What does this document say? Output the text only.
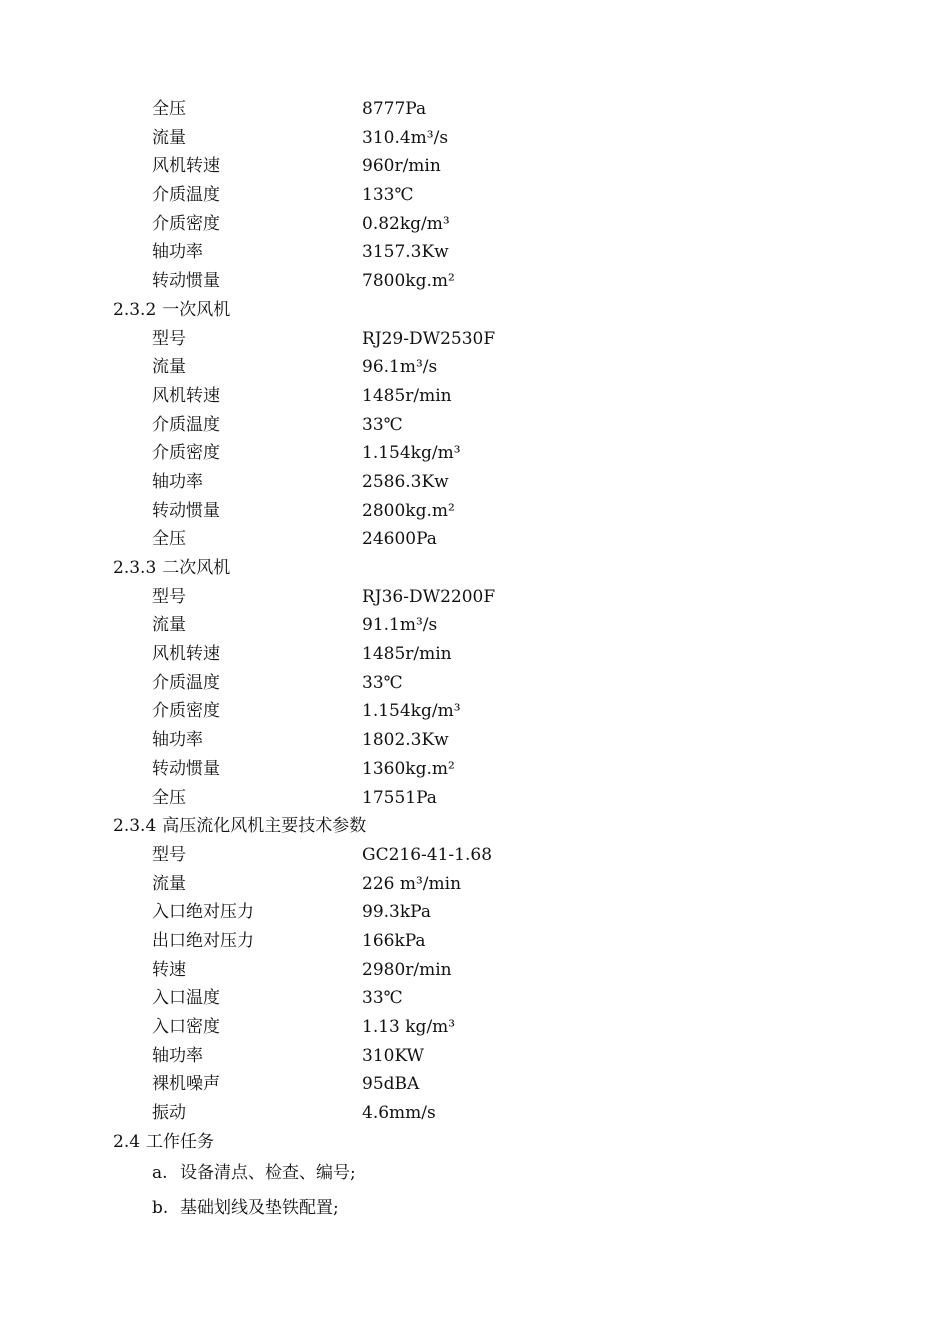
全压	8777Pa
流量	310.4m³/s
风机转速	960r/min
介质温度	133℃
介质密度	0.82kg/m³
轴功率	3157.3Kw
转动惯量	7800kg.m²
2.3.2 一次风机
型号	RJ29-DW2530F
流量	96.1m³/s
风机转速	1485r/min
介质温度	33℃
介质密度	1.154kg/m³
轴功率	2586.3Kw
转动惯量	2800kg.m²
全压	24600Pa
2.3.3 二次风机
型号	RJ36-DW2200F
流量	91.1m³/s
风机转速	1485r/min
介质温度	33℃
介质密度	1.154kg/m³
轴功率	1802.3Kw
转动惯量	1360kg.m²
全压	17551Pa
2.3.4 高压流化风机主要技术参数
型号	GC216-41-1.68
流量	226 m³/min
入口绝对压力	99.3kPa
出口绝对压力	166kPa
转速	2980r/min
入口温度	33℃
入口密度	1.13 kg/m³
轴功率	310KW
裸机噪声	95dBA
振动	4.6mm/s
2.4 工作任务
a. 设备清点、检查、编号;
b. 基础划线及垫铁配置;
